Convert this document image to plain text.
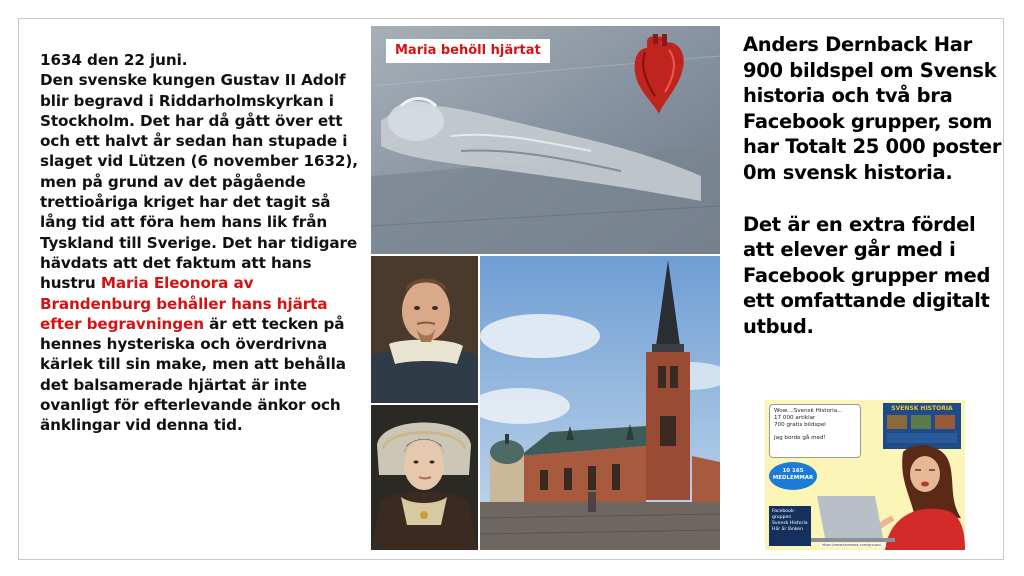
1634 den 22 juni.
Den svenske kungen Gustav II Adolf blir begravd i Riddarholmskyrkan i Stockholm. Det har då gått över ett och ett halvt år sedan han stupade i slaget vid Lützen (6 november 1632), men på grund av det pågående trettioåriga kriget har det tagit så lång tid att föra hem hans lik från Tyskland till Sverige. Det har tidigare hävdats att det faktum att hans hustru Maria Eleonora av Brandenburg behåller hans hjärta efter begravningen är ett tecken på hennes hysteriska och överdrivna kärlek till sin make, men att behålla det balsamerade hjärtat är inte ovanligt för efterlevande änkor och änklingar vid denna tid.
Maria behöll hjärtat	Anders Dernback Har 900 bildspel om Svensk historia och två bra Facebook grupper, som har Totalt 25 000 poster 0m svensk historia.

Det är en extra fördel att elever går med i Facebook grupper med ett omfattande digitalt utbud.

Wow....Svensk Historia...
17 000 artiklar
700 gratis bildspel
Jag borde gå med!
SVENSK HISTORIA
10 165
MEDLEMMAR
Facebook-
gruppen
Svensk Historia
Här är länken
https://www.facebook.com/groups/...
